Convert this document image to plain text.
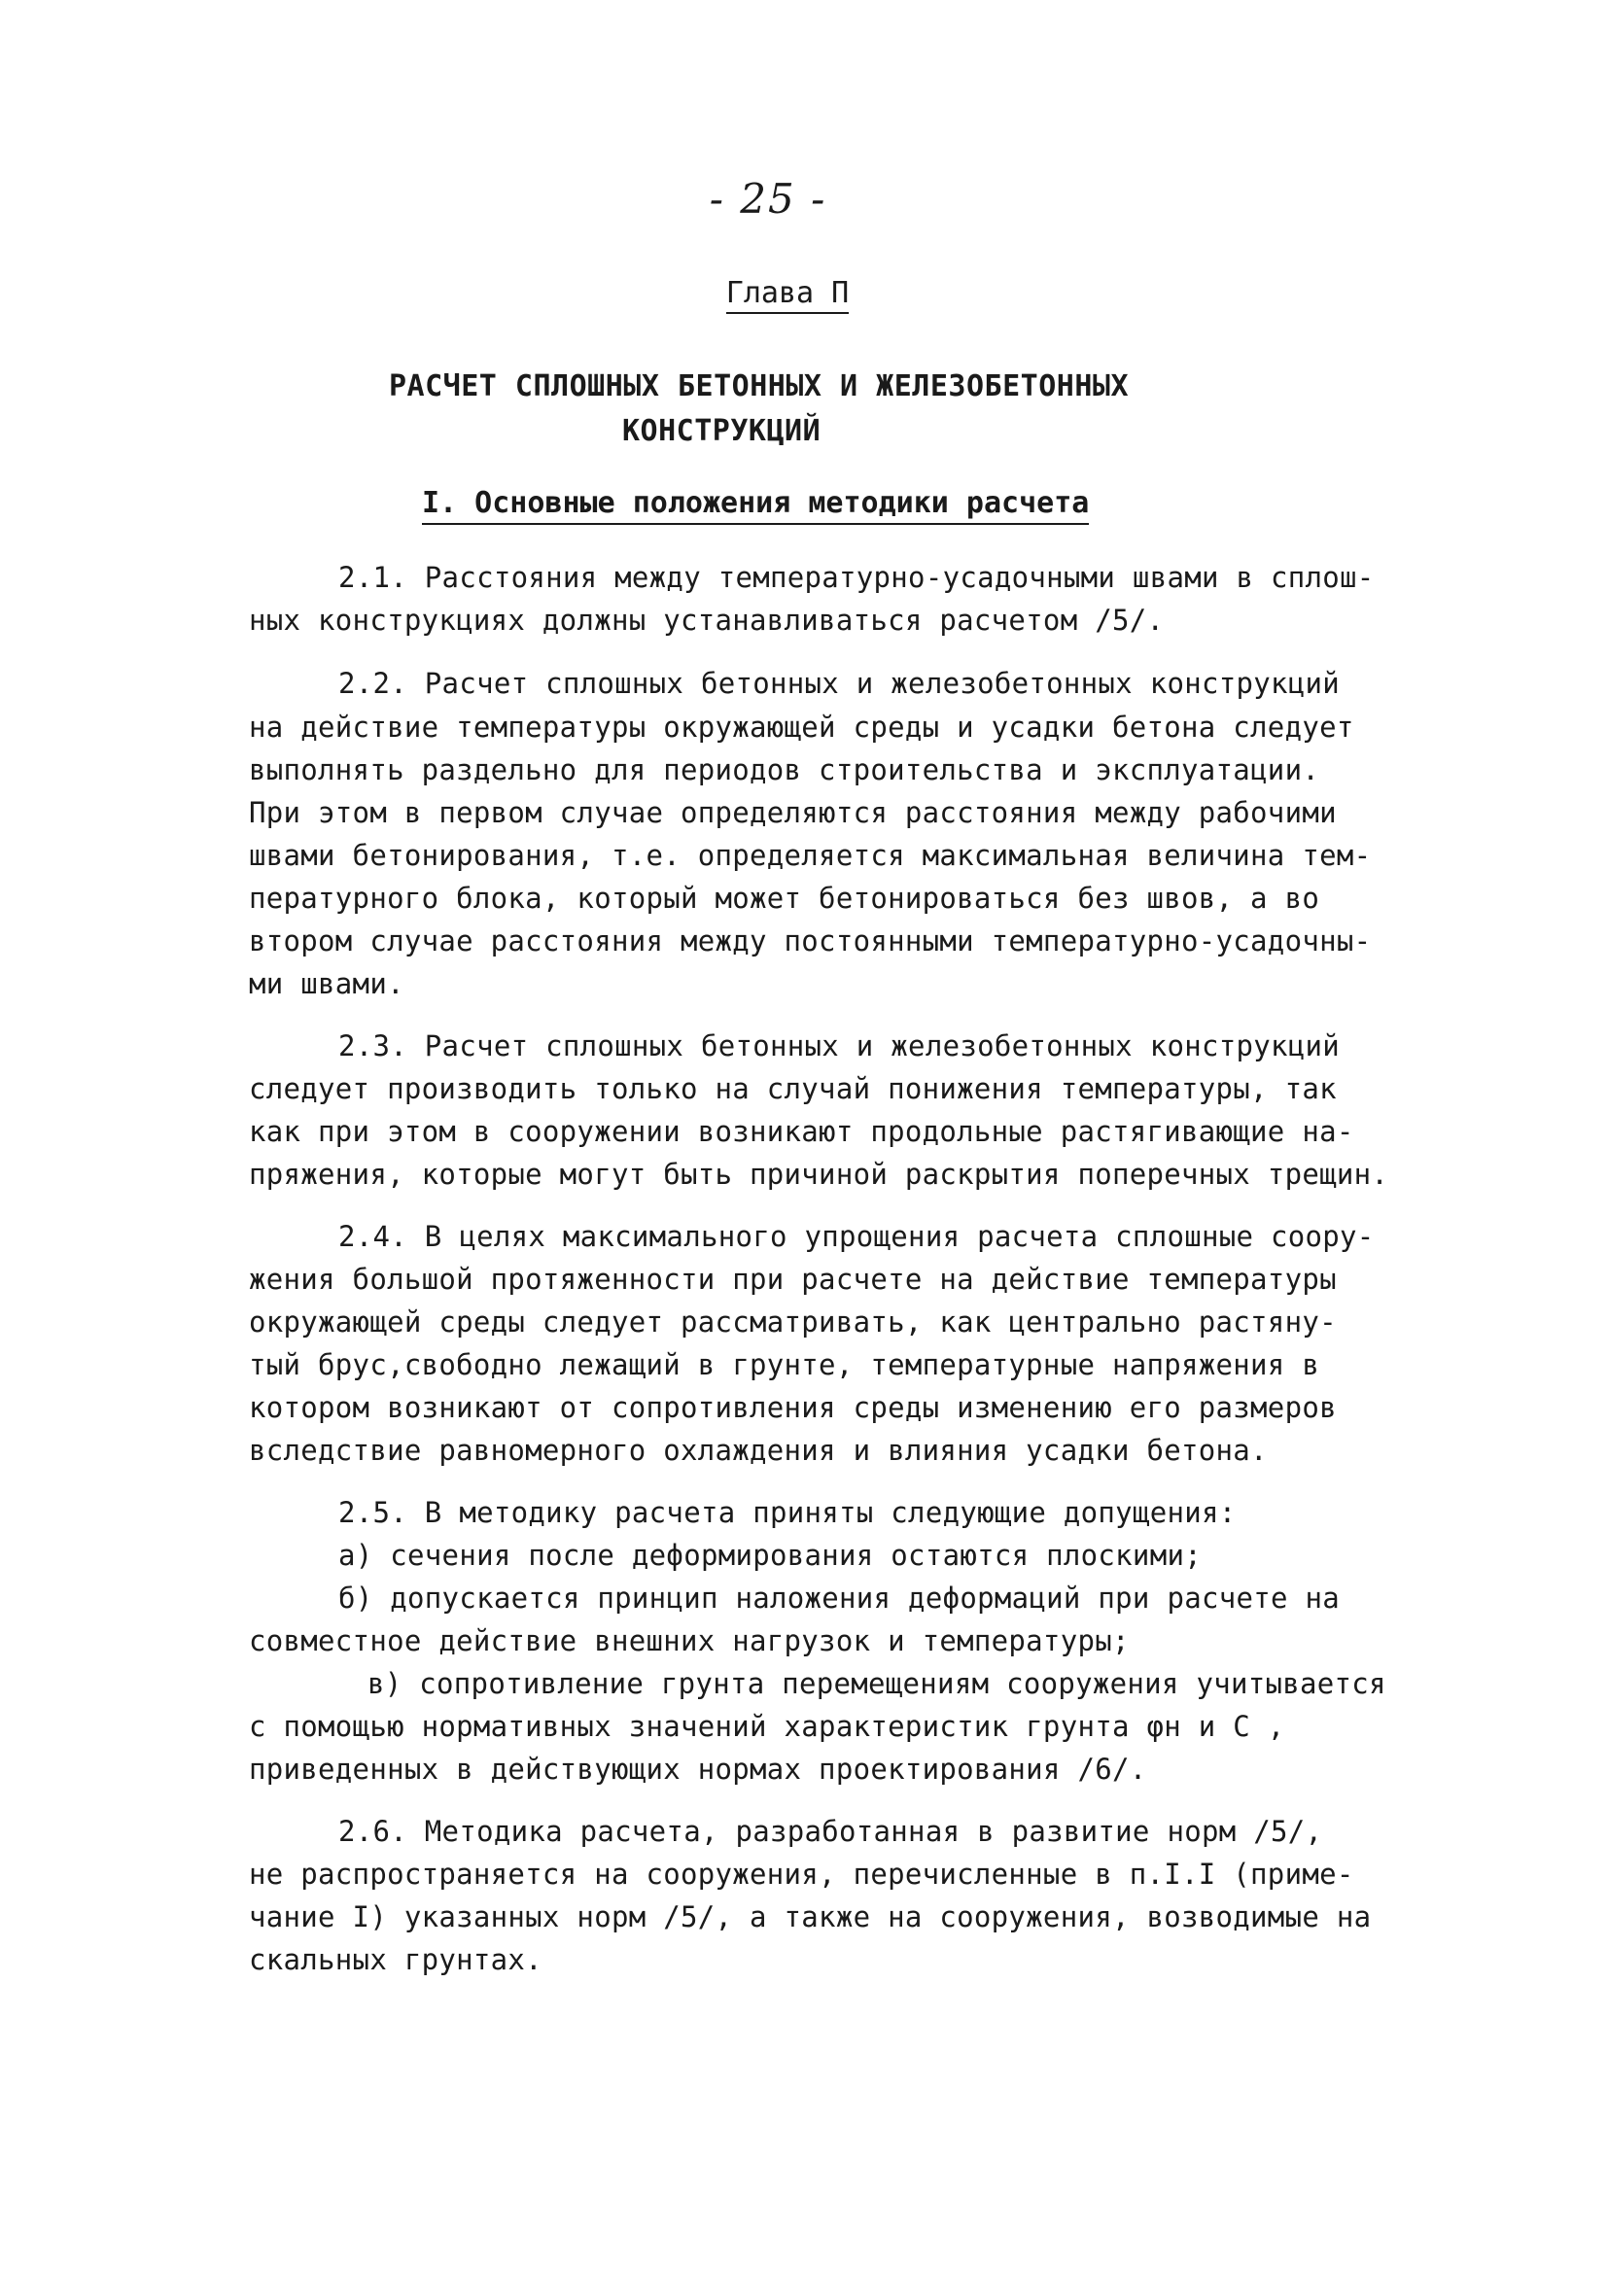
- 25 -
Глава П
РАСЧЕТ СПЛОШНЫХ БЕТОННЫХ И ЖЕЛЕЗОБЕТОННЫХ
КОНСТРУКЦИЙ
I. Основные положения методики расчета
2.1. Расстояния между температурно-усадочными швами в сплош-
ных конструкциях должны устанавливаться расчетом /5/.
2.2. Расчет сплошных бетонных и железобетонных конструкций
на действие температуры окружающей среды и усадки бетона следует
выполнять раздельно для периодов строительства и эксплуатации.
При этом в первом случае определяются расстояния между рабочими
швами бетонирования, т.е. определяется максимальная величина тем-
пературного блока, который может бетонироваться без швов, а во
втором случае расстояния между постоянными температурно-усадочны-
ми швами.
2.3. Расчет сплошных бетонных и железобетонных конструкций
следует производить только на случай понижения температуры, так
как при этом в сооружении возникают продольные растягивающие на-
пряжения, которые могут быть причиной раскрытия поперечных трещин.
2.4. В целях максимального упрощения расчета сплошные соору-
жения большой протяженности при расчете на действие температуры
окружающей среды следует рассматривать, как центрально растяну-
тый брус,свободно лежащий в грунте, температурные напряжения в
котором возникают от сопротивления среды изменению его размеров
вследствие равномерного охлаждения и влияния усадки бетона.
2.5. В методику расчета приняты следующие допущения:
а) сечения после деформирования остаются плоскими;
б) допускается принцип наложения деформаций при расчете на
совместное действие внешних нагрузок и температуры;
в) сопротивление грунта перемещениям сооружения учитывается
с помощью нормативных значений характеристик грунта φн и С ,
приведенных в действующих нормах проектирования /6/.
2.6. Методика расчета, разработанная в развитие норм /5/,
не распространяется на сооружения, перечисленные в п.I.I (приме-
чание I) указанных норм /5/, а также на сооружения, возводимые на
скальных грунтах.
